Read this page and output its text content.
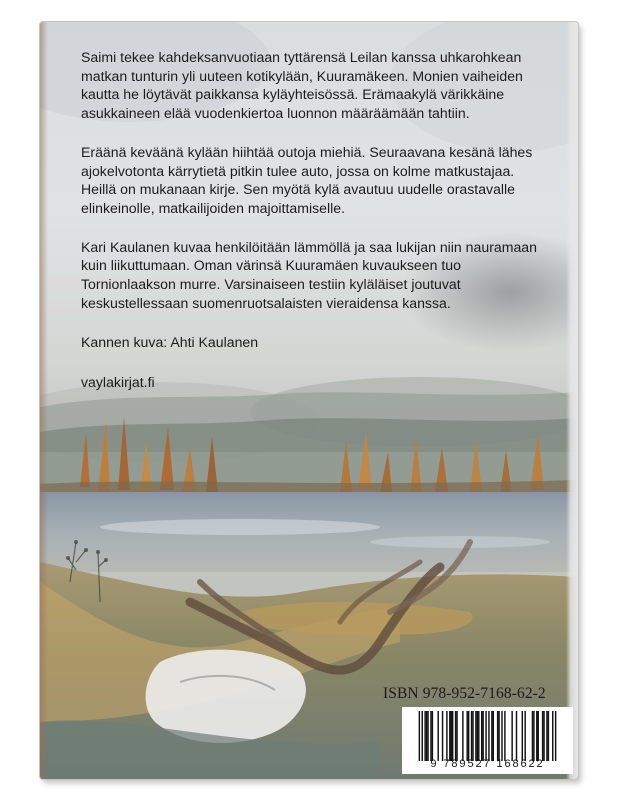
Saimi tekee kahdeksanvuotiaan tyttärensä Leilan kanssa uhkarohkean matkan tunturin yli uuteen kotikylään, Kuuramäkeen. Monien vaiheiden kautta he löytävät paikkansa kyläyhteisössä. Erämaakylä värikkäine asukkaineen elää vuodenkiertoa luonnon määräämään tahtiin.

Eräänä keväänä kylään hiihtää outoja miehiä. Seuraavana kesänä lähes ajokelvotonta kärrytietä pitkin tulee auto, jossa on kolme matkustajaa. Heillä on mukanaan kirje. Sen myötä kylä avautuu uudelle orastavalle elinkeinolle, matkailijoiden majoittamiselle.

Kari Kaulanen kuvaa henkilöitään lämmöllä ja saa lukijan niin nauramaan kuin liikuttumaan. Oman värinsä Kuuramäen kuvaukseen tuo Tornionlaakson murre. Varsinaiseen testiin kyläläiset joutuvat keskustellessaan suomenruotsalaisten vieraidensa kanssa.

Kannen kuva: Ahti Kaulanen

vaylakirjat.fi

ISBN 978-952-7168-62-2
9 789527 168622
